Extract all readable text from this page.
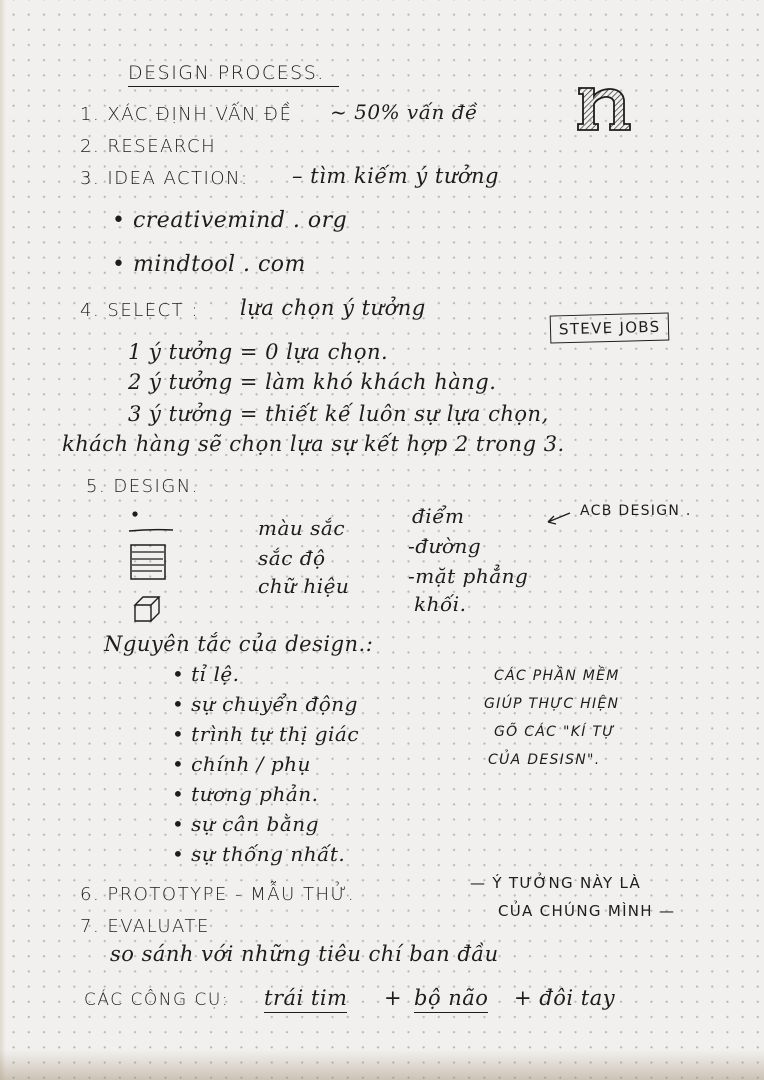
DESIGN PROCESS.
1. XÁC ĐỊNH VẤN ĐỀ ~ 50% vấn đề
2. RESEARCH
3. IDEA ACTION: – tìm kiếm ý tưởng
• creativemind . org
• mindtool . com
4. SELECT : lựa chọn ý tưởng
STEVE JOBS
1 ý tưởng = 0 lựa chọn.
2 ý tưởng = làm khó khách hàng.
3 ý tưởng = thiết kế luôn sự lựa chọn,
khách hàng sẽ chọn lựa sự kết hợp 2 trong 3.
5. DESIGN.
màu sắc
sắc độ
chữ hiệu
điểm
-đường
-mặt phẳng
khối.
ACB DESIGN .
Nguyên tắc của design.:
• tỉ lệ.
• sự chuyển động
• trình tự thị giác
• chính / phụ
• tương phản.
• sự cân bằng
• sự thống nhất.
CÁC PHẦN MỀM
GIÚP THỰC HIỆN
GÕ CÁC "KÍ TỰ
CỦA DESISN".
6. PROTOTYPE - MẪU THỬ.
— Ý TƯỞNG NÀY LÀ
CỦA CHÚNG MÌNH —
7. EVALUATE
so sánh với những tiêu chí ban đầu
CÁC CÔNG CỤ: trái tim + bộ não + đôi tay
